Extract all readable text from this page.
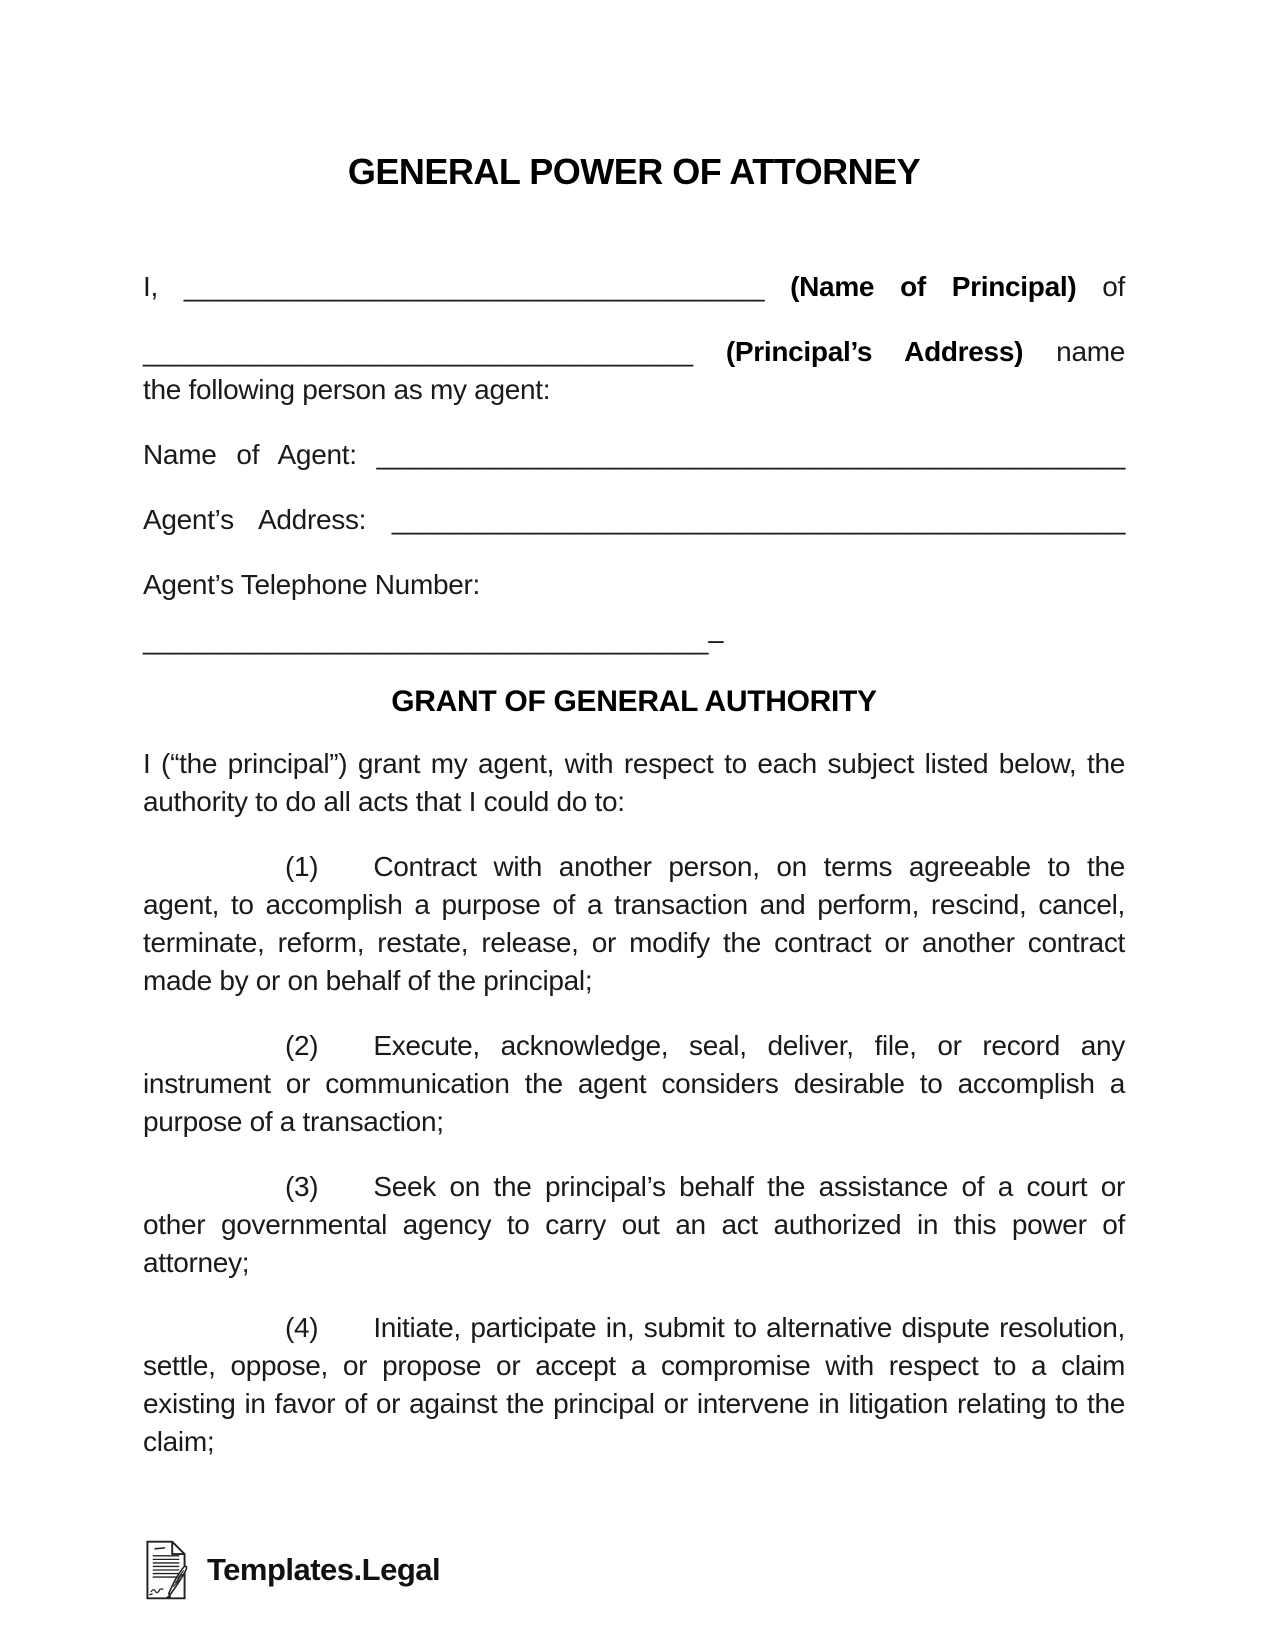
GENERAL POWER OF ATTORNEY

I, ______________________________________ (Name of Principal) of

____________________________________ (Principal’s Address) name

the following person as my agent:

Name of Agent: _________________________________________________

Agent’s Address: ________________________________________________

Agent’s Telephone Number:

_____________________________________–

GRANT OF GENERAL AUTHORITY

I (“the principal”) grant my agent, with respect to each subject listed below, the authority to do all acts that I could do to:

(1) Contract with another person, on terms agreeable to the agent, to accomplish a purpose of a transaction and perform, rescind, cancel, terminate, reform, restate, release, or modify the contract or another contract made by or on behalf of the principal;

(2) Execute, acknowledge, seal, deliver, file, or record any instrument or communication the agent considers desirable to accomplish a purpose of a transaction;

(3) Seek on the principal’s behalf the assistance of a court or other governmental agency to carry out an act authorized in this power of attorney;

(4) Initiate, participate in, submit to alternative dispute resolution, settle, oppose, or propose or accept a compromise with respect to a claim existing in favor of or against the principal or intervene in litigation relating to the claim;

Templates.Legal
